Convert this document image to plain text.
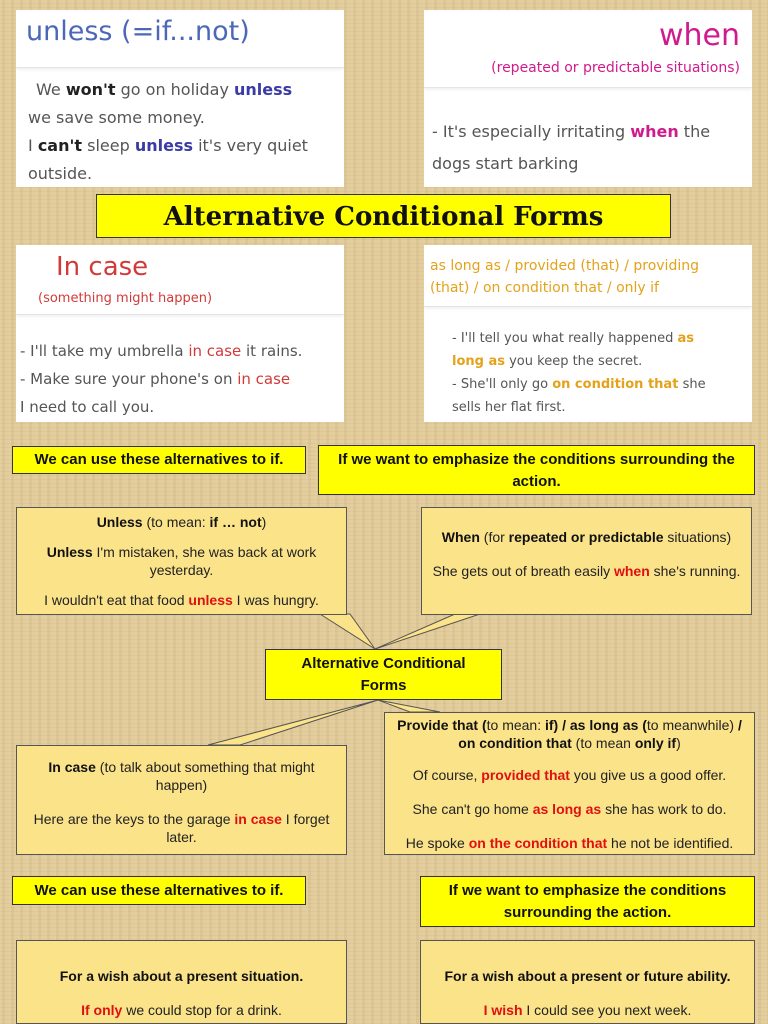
unless (=if...not)
We won't go on holiday unless
we save some money.
I can't sleep unless it's very quiet
outside.
when
(repeated or predictable situations)
- It's especially irritating when the
dogs start barking
Alternative Conditional Forms
In case
(something might happen)
- I'll take my umbrella in case it rains.
- Make sure your phone's on in case
I need to call you.
as long as / provided (that) / providing
(that) / on condition that / only if
- I'll tell you what really happened as
long as you keep the secret.
- She'll only go on condition that she
sells her flat first.
We can use these alternatives to if.	If we want to emphasize the conditions surrounding the action.

Unless (to mean: if … not)

Unless I'm mistaken, she was back at work yesterday.

I wouldn't eat that food unless I was hungry.

When (for repeated or predictable situations)

She gets out of breath easily when she's running.

Alternative Conditional Forms

In case (to talk about something that might happen)

Here are the keys to the garage in case I forget later.

Provide that (to mean: if) / as long as (to meanwhile) / on condition that (to mean only if)

Of course, provided that you give us a good offer.

She can't go home as long as she has work to do.

He spoke on the condition that he not be identified.

We can use these alternatives to if.	If we want to emphasize the conditions surrounding the action.

For a wish about a present situation.

If only we could stop for a drink.

For a wish about a present or future ability.

I wish I could see you next week.
